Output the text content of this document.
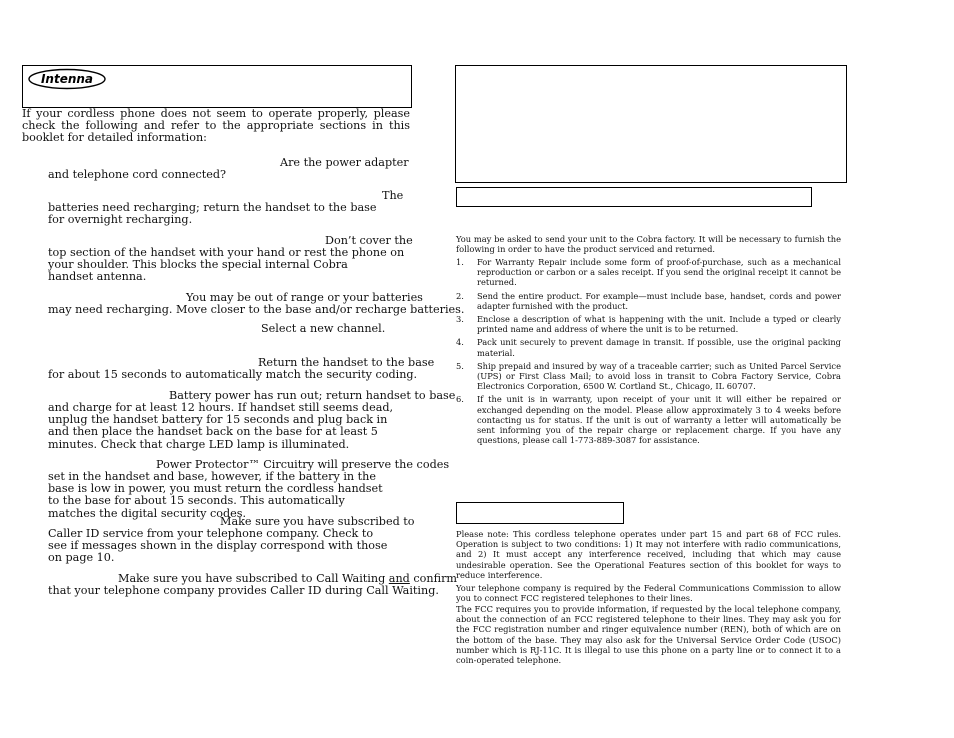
Intenna

If your cordless phone does not seem to operate properly, please check the following and refer to the appropriate sections in this booklet for detailed information:

Are the power adapter
and telephone cord connected?
The

batteries need recharging; return the handset to the base for overnight recharging.

Don’t cover the

top section of the handset with your hand or rest the phone on your shoulder. This blocks the special internal Cobrahandset antenna.

You may be out of range or your batteries
may need recharging. Move closer to the base and/or recharge batteries.
Select a new channel.
Return the handset to the base
for about 15 seconds to automatically match the security coding.
Battery power has run out; return handset to base

and charge for at least 12 hours. If handset still seems dead, unplug the handset battery for 15 seconds and plug back in and then place the handset back on the base for at least 5 minutes. Check that charge LED lamp is illuminated.

Power Protector™ Circuitry will preserve the codes

set in the handset and base, however, if the battery in the base is low in power, you must return the cordless handset to the base for about 15 seconds. This automatically matches the digital security codes.

Make sure you have subscribed to

Caller ID service from your telephone company. Check to see if messages shown in the display correspond with those on page 10.

Make sure you have subscribed to Call Waiting and confirm
that your telephone company provides Caller ID during Call Waiting.

You may be asked to send your unit to the Cobra factory. It will be necessary to furnish the following in order to have the product serviced and returned.

1. For Warranty Repair include some form of proof-of-purchase, such as a mechanical reproduction or carbon or a sales receipt. If you send the original receipt it cannot be returned.
2. Send the entire product. For example—must include base, handset, cords and power adapter furnished with the product.
3. Enclose a description of what is happening with the unit. Include a typed or clearly printed name and address of where the unit is to be returned.
4. Pack unit securely to prevent damage in transit. If possible, use the original packing material.
5. Ship prepaid and insured by way of a traceable carrier; such as United Parcel Service (UPS) or First Class Mail; to avoid loss in transit to Cobra Factory Service, Cobra Electronics Corporation, 6500 W. Cortland St., Chicago, IL 60707.
6. If the unit is in warranty, upon receipt of your unit it will either be repaired or exchanged depending on the model. Please allow approximately 3 to 4 weeks before contacting us for status. If the unit is out of warranty a letter will automatically be sent informing you of the repair charge or replacement charge. If you have any questions, please call 1-773-889-3087 for assistance.

Please note: This cordless telephone operates under part 15 and part 68 of FCC rules. Operation is subject to two conditions: 1) It may not interfere with radio communications, and 2) It must accept any interference received, including that which may cause undesirable operation. See the Operational Features section of this booklet for ways to reduce interference.

Your telephone company is required by the Federal Communications Commission to allow you to connect FCC registered telephones to their lines.

The FCC requires you to provide information, if requested by the local telephone company, about the connection of an FCC registered telephone to their lines. They may ask you for the FCC registration number and ringer equivalence number (REN), both of which are on the bottom of the base. They may also ask for the Universal Service Order Code (USOC) number which is RJ-11C. It is illegal to use this phone on a party line or to connect it to a coin-operated telephone.
